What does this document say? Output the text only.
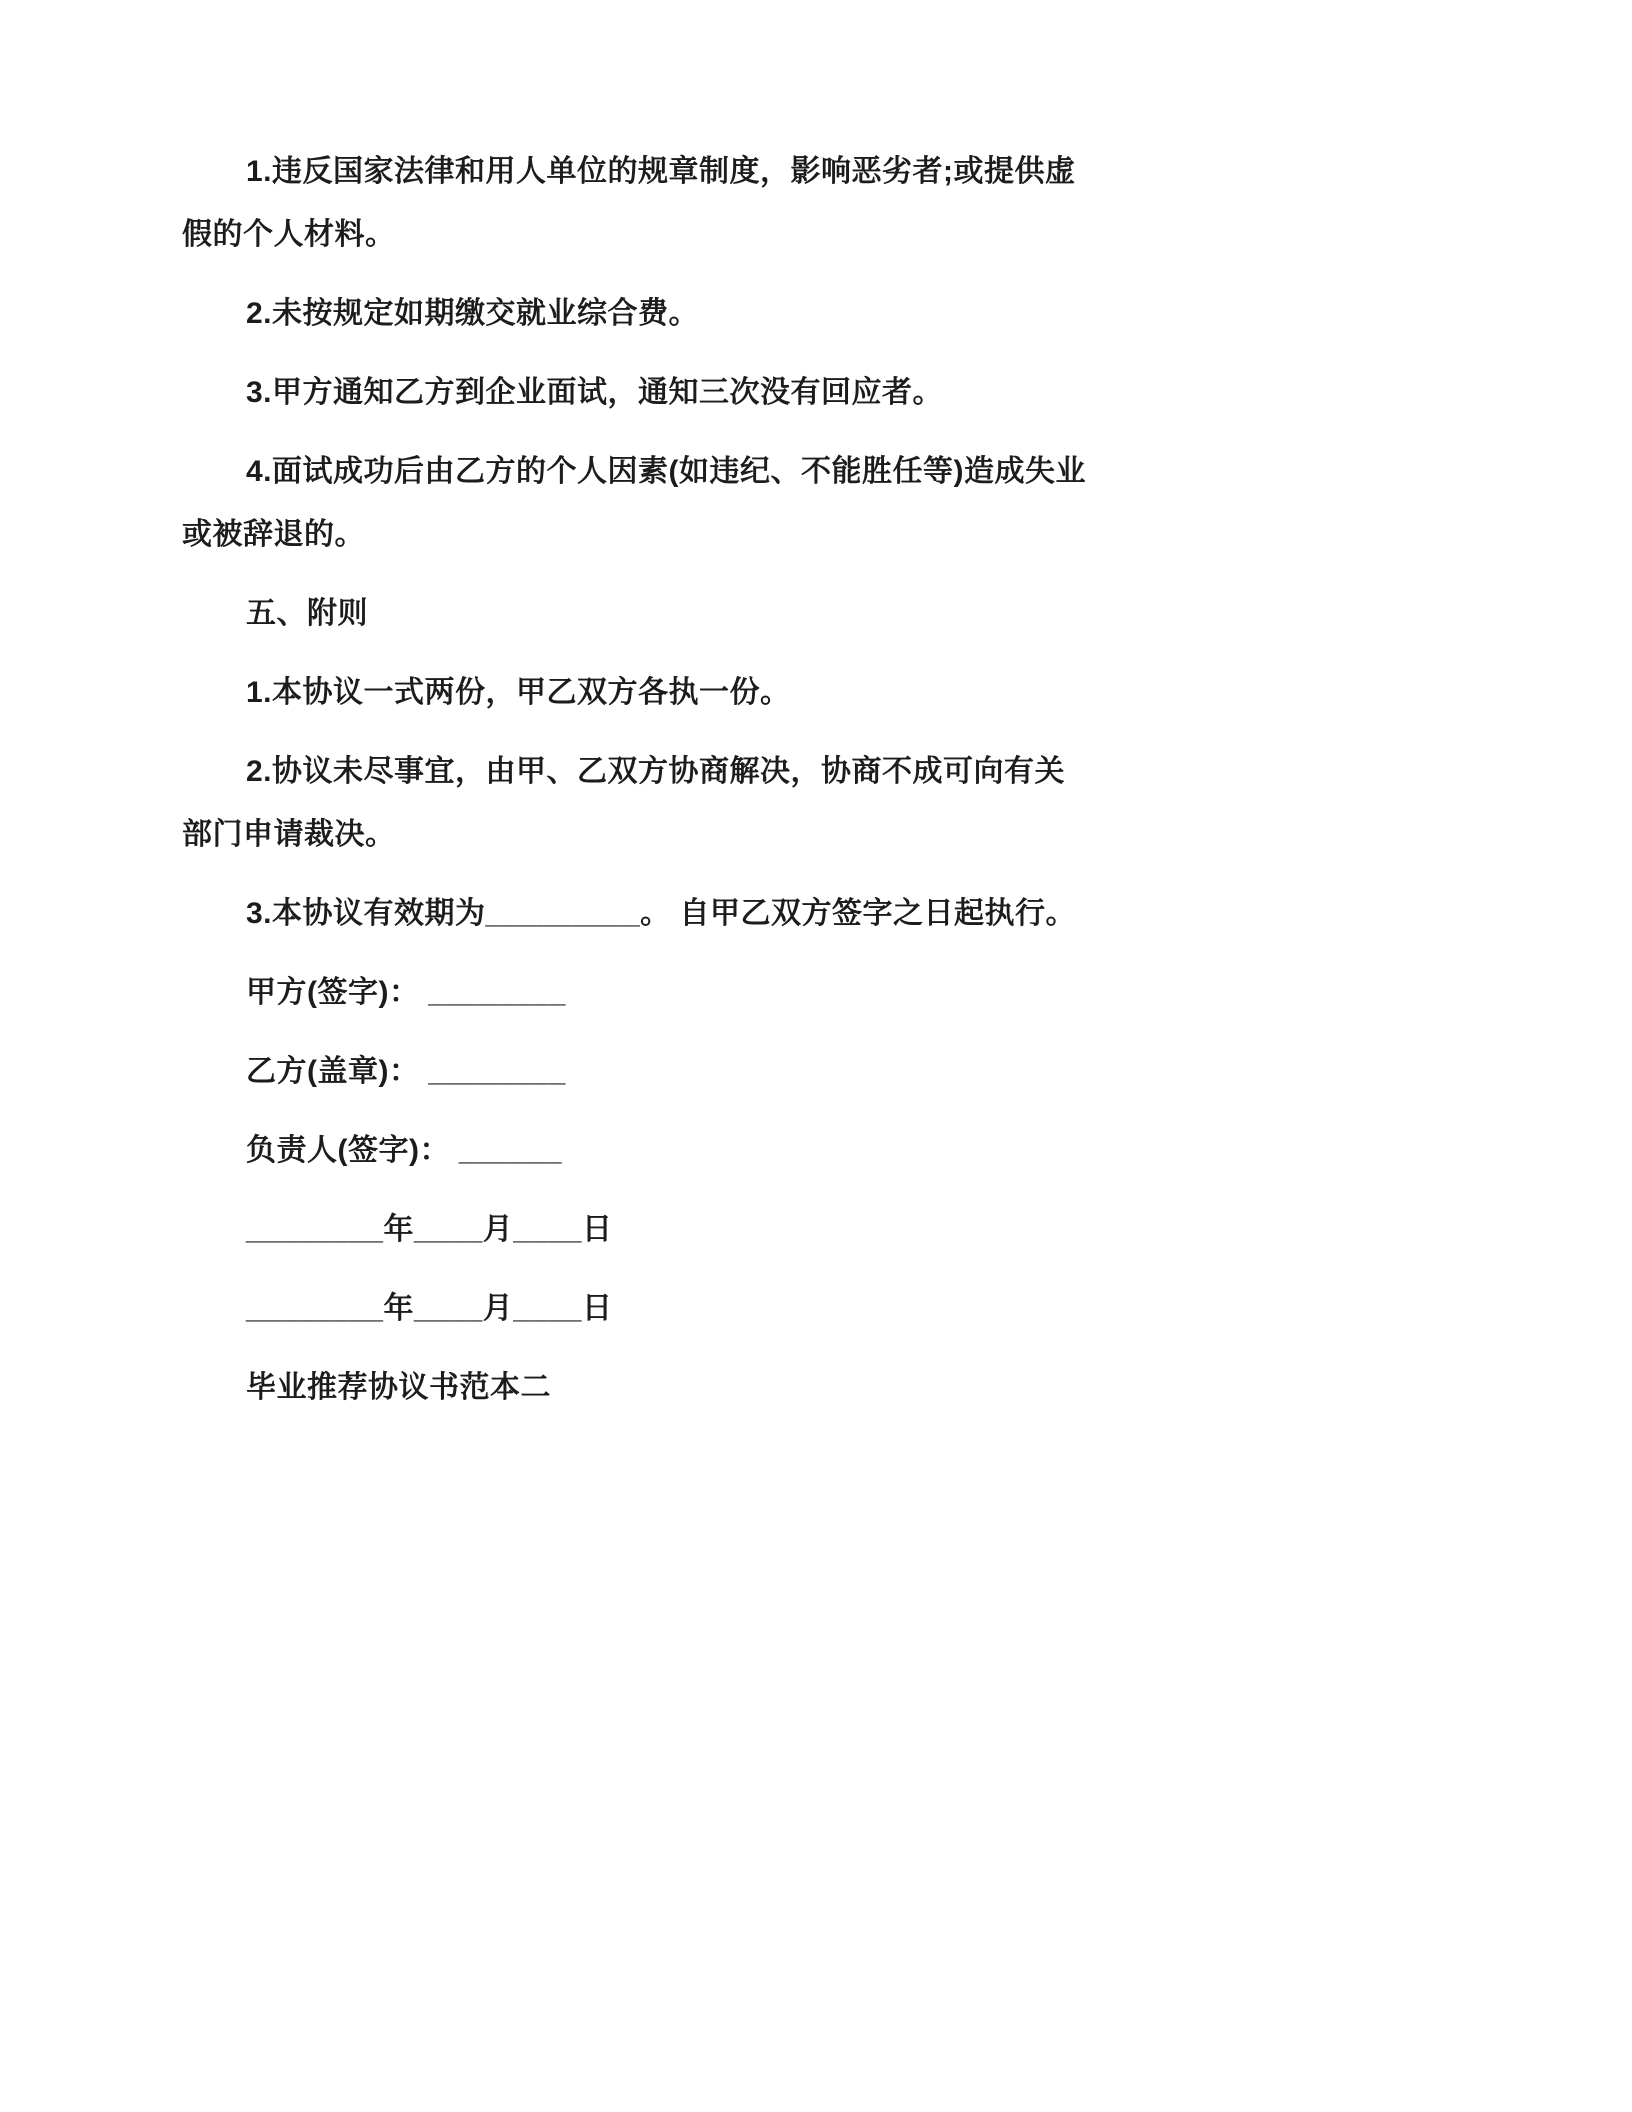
1.违反国家法律和用人单位的规章制度，影响恶劣者;或提供虚假的个人材料。

2.未按规定如期缴交就业综合费。

3.甲方通知乙方到企业面试，通知三次没有回应者。

4.面试成功后由乙方的个人因素(如违纪、不能胜任等)造成失业或被辞退的。

五、附则

1.本协议一式两份，甲乙双方各执一份。

2.协议未尽事宜，由甲、乙双方协商解决，协商不成可向有关部门申请裁决。

3.本协议有效期为_________。 自甲乙双方签字之日起执行。

甲方(签字)： ________

乙方(盖章)： ________

负责人(签字)： ______

________年____月____日

________年____月____日

毕业推荐协议书范本二
